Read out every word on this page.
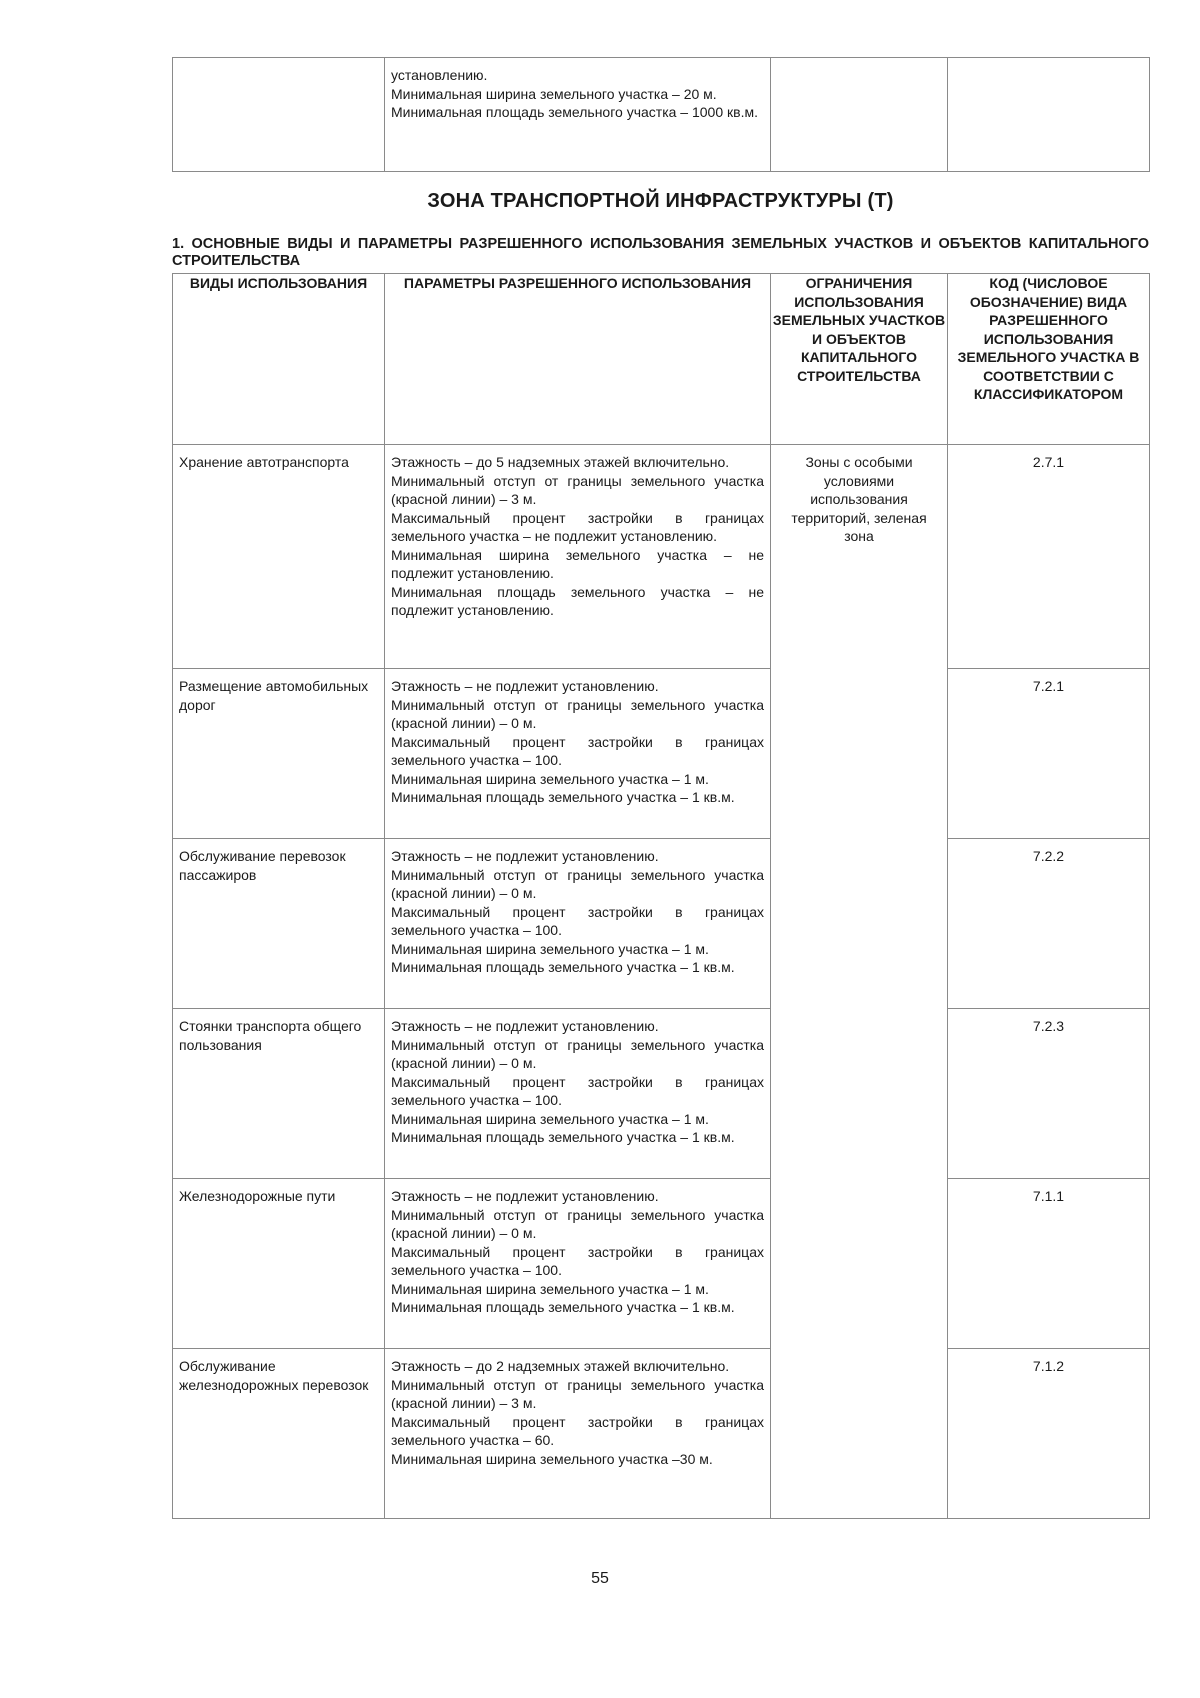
установлению.
Минимальная ширина земельного участка – 20 м.
Минимальная площадь земельного участка – 1000 кв.м.

ЗОНА ТРАНСПОРТНОЙ ИНФРАСТРУКТУРЫ (Т)
1. ОСНОВНЫЕ ВИДЫ И ПАРАМЕТРЫ РАЗРЕШЕННОГО ИСПОЛЬЗОВАНИЯ ЗЕМЕЛЬНЫХ УЧАСТКОВ И ОБЪЕКТОВ КАПИТАЛЬНОГО СТРОИТЕЛЬСТВА
ВИДЫ ИСПОЛЬЗОВАНИЯ	ПАРАМЕТРЫ РАЗРЕШЕННОГО ИСПОЛЬЗОВАНИЯ	ОГРАНИЧЕНИЯ ИСПОЛЬЗОВАНИЯ ЗЕМЕЛЬНЫХ УЧАСТКОВ И ОБЪЕКТОВ КАПИТАЛЬНОГО СТРОИТЕЛЬСТВА	КОД (ЧИСЛОВОЕ ОБОЗНАЧЕНИЕ) ВИДА РАЗРЕШЕННОГО ИСПОЛЬЗОВАНИЯ ЗЕМЕЛЬНОГО УЧАСТКА В СООТВЕТСТВИИ С КЛАССИФИКАТОРОМ

Хранение автотранспорта	Этажность – до 5 надземных этажей включительно.
Минимальный отступ от границы земельного участка (красной линии) – 3 м.
Максимальный процент застройки в границах земельного участка – не подлежит установлению.
Минимальная ширина земельного участка – не подлежит установлению.
Минимальная площадь земельного участка – не подлежит установлению.	Зоны с особыми условиями использования территорий, зеленая зона	2.7.1

Размещение автомобильных дорог	Этажность – не подлежит установлению.
Минимальный отступ от границы земельного участка (красной линии) – 0 м.
Максимальный процент застройки в границах земельного участка – 100.
Минимальная ширина земельного участка – 1 м.
Минимальная площадь земельного участка – 1 кв.м.		7.2.1

Обслуживание перевозок пассажиров	Этажность – не подлежит установлению.
Минимальный отступ от границы земельного участка (красной линии) – 0 м.
Максимальный процент застройки в границах земельного участка – 100.
Минимальная ширина земельного участка – 1 м.
Минимальная площадь земельного участка – 1 кв.м.		7.2.2

Стоянки транспорта общего пользования	Этажность – не подлежит установлению.
Минимальный отступ от границы земельного участка (красной линии) – 0 м.
Максимальный процент застройки в границах земельного участка – 100.
Минимальная ширина земельного участка – 1 м.
Минимальная площадь земельного участка – 1 кв.м.		7.2.3

Железнодорожные пути	Этажность – не подлежит установлению.
Минимальный отступ от границы земельного участка (красной линии) – 0 м.
Максимальный процент застройки в границах земельного участка – 100.
Минимальная ширина земельного участка – 1 м.
Минимальная площадь земельного участка – 1 кв.м.		7.1.1

Обслуживание железнодорожных перевозок	Этажность – до 2 надземных этажей включительно.
Минимальный отступ от границы земельного участка (красной линии) – 3 м.
Максимальный процент застройки в границах земельного участка – 60.
Минимальная ширина земельного участка –30 м.		7.1.2
55
